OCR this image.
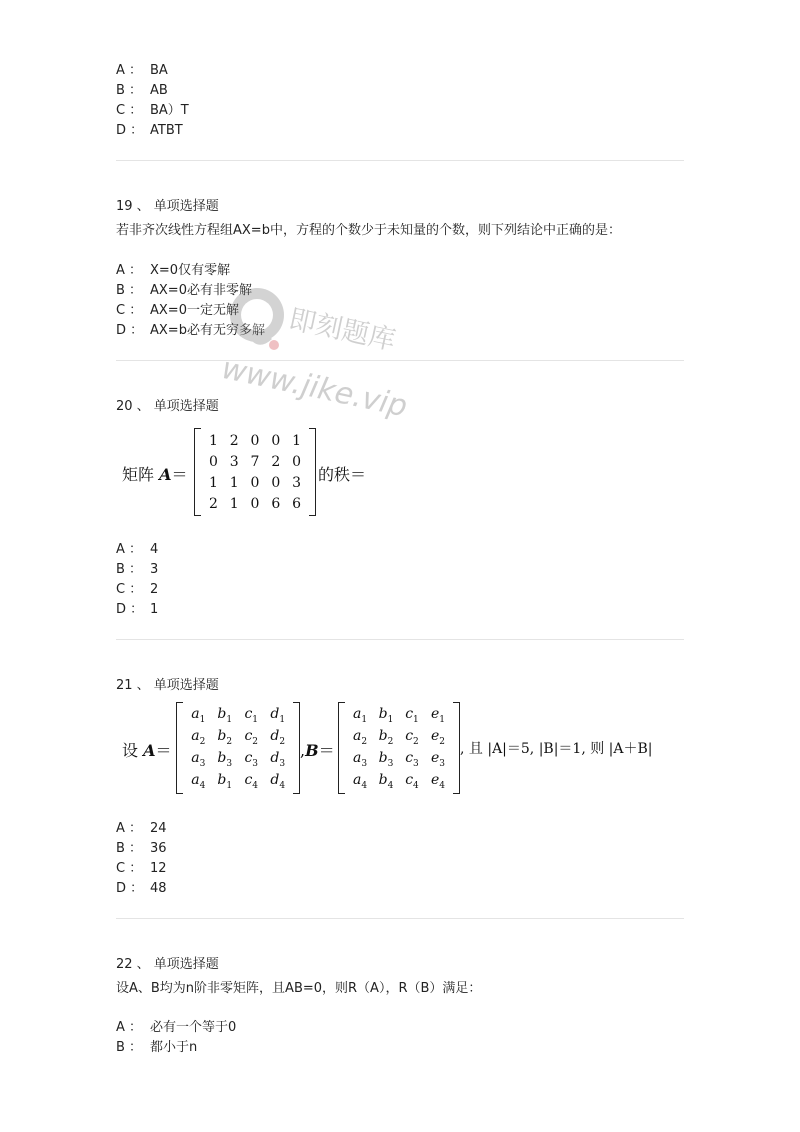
A ： BA
B ： AB
C ： BA）T
D ： ATBT
19 、 单项选择题
若非齐次线性方程组AX=b中，方程的个数少于未知量的个数，则下列结论中正确的是：
A ： X=0仅有零解
B ： AX=0必有非零解
C ： AX=0一定无解
D ： AX=b必有无穷多解
20 、 单项选择题
矩阵 A＝
1 2 0 0 1
0 3 7 2 0
1 1 0 0 3
2 1 0 6 6
的秩＝
A ： 4
B ： 3
C ： 2
D ： 1
21 、 单项选择题
设 A＝
$a_1$ $b_1$ $c_1$ $d_1$
$a_2$ $b_2$ $c_2$ $d_2$
$a_3$ $b_3$ $c_3$ $d_3$
$a_4$ $b_1$ $c_4$ $d_4$
,B＝
$a_1$ $b_1$ $c_1$ $e_1$
$a_2$ $b_2$ $c_2$ $e_2$
$a_3$ $b_3$ $c_3$ $e_3$
$a_4$ $b_4$ $c_4$ $e_4$
, 且 |A|＝5, |B|＝1, 则 |A＋B|
A ： 24
B ： 36
C ： 12
D ： 48
22 、 单项选择题
设A、B均为n阶非零矩阵，且AB=0，则R（A），R（B）满足：
A ： 必有一个等于0
B ： 都小于n
即刻题库
www.jike.vip
